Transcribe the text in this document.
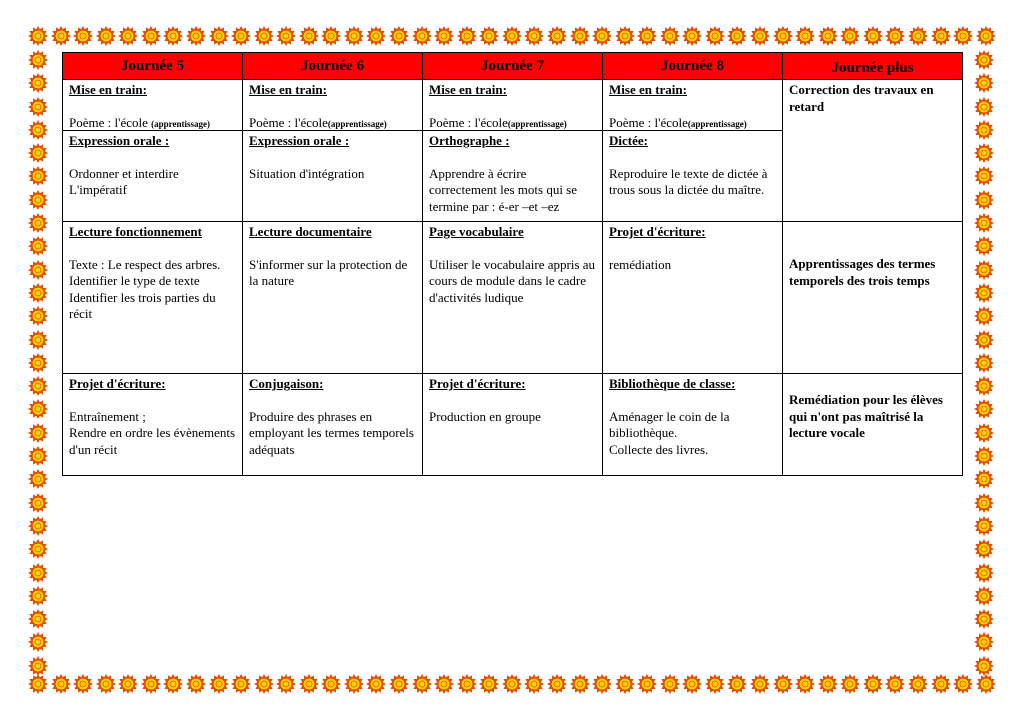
Journée 5	Journée 6	Journée 7	Journée 8	Journée plus

Mise en train:
Poème : l'école (apprentissage)
Expression orale :
Ordonner et interdire
L'impératif	Mise en train:
Poème : l'école(apprentissage)
Expression orale :
Situation d'intégration	Mise en train:
Poème : l'école(apprentissage)
Orthographe :
Apprendre à écrire correctement les mots qui se termine par : é-er –et –ez	Mise en train:
Poème : l'école(apprentissage)
Dictée:
Reproduire le texte de dictée à trous sous la dictée du maître.	Correction des travaux en retard

Lecture fonctionnement
Texte : Le respect des arbres.
Identifier le type de texte
Identifier les trois parties du récit	Lecture documentaire
S'informer sur la protection de la nature	Page vocabulaire
Utiliser le vocabulaire appris au cours de module dans le cadre d'activités ludique	Projet d'écriture:
remédiation	Apprentissages des termes temporels des trois temps

Projet d'écriture:
Entraînement ;
Rendre en ordre les évènements d'un récit	Conjugaison:
Produire des phrases en employant les termes temporels adéquats	Projet d'écriture:
Production en groupe	Bibliothèque de classe:
Aménager le coin de la bibliothèque.
Collecte des livres.	Remédiation pour les élèves qui n'ont pas maîtrisé la lecture vocale
